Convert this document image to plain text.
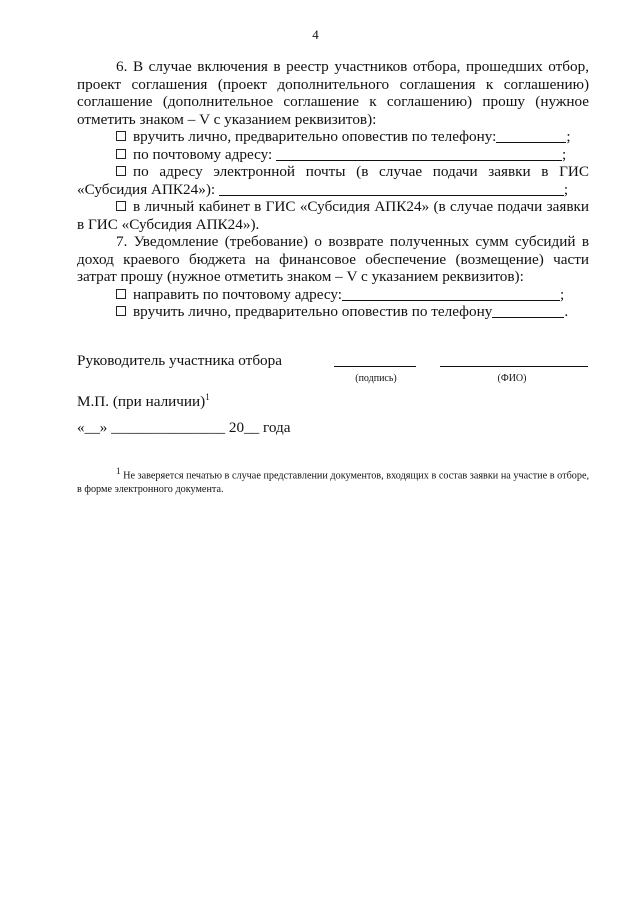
4

6. В случае включения в реестр участников отбора, прошедших отбор, проект соглашения (проект дополнительного соглашения к соглашению) соглашение (дополнительное соглашение к соглашению) прошу (нужное отметить знаком – V с указанием реквизитов):

вручить лично, предварительно оповестив по телефону:	;

по почтовому адресу:	;

по адресу электронной почты (в случае подачи заявки в ГИС «Субсидия АПК24»):	;

в личный кабинет в ГИС «Субсидия АПК24» (в случае подачи заявки в ГИС «Субсидия АПК24»).

7. Уведомление (требование) о возврате полученных сумм субсидий в доход краевого бюджета на финансовое обеспечение (возмещение) части затрат прошу (нужное отметить знаком – V с указанием реквизитов):

направить по почтовому адресу:	;

вручить лично, предварительно оповестив по телефону	.

Руководитель участника отбора
(подпись)	(ФИО)
М.П. (при наличии)$^1$
«__» _______________ 20__ года
$^1$ Не заверяется печатью в случае представлении документов, входящих в состав заявки на участие в отборе, в форме электронного документа.
